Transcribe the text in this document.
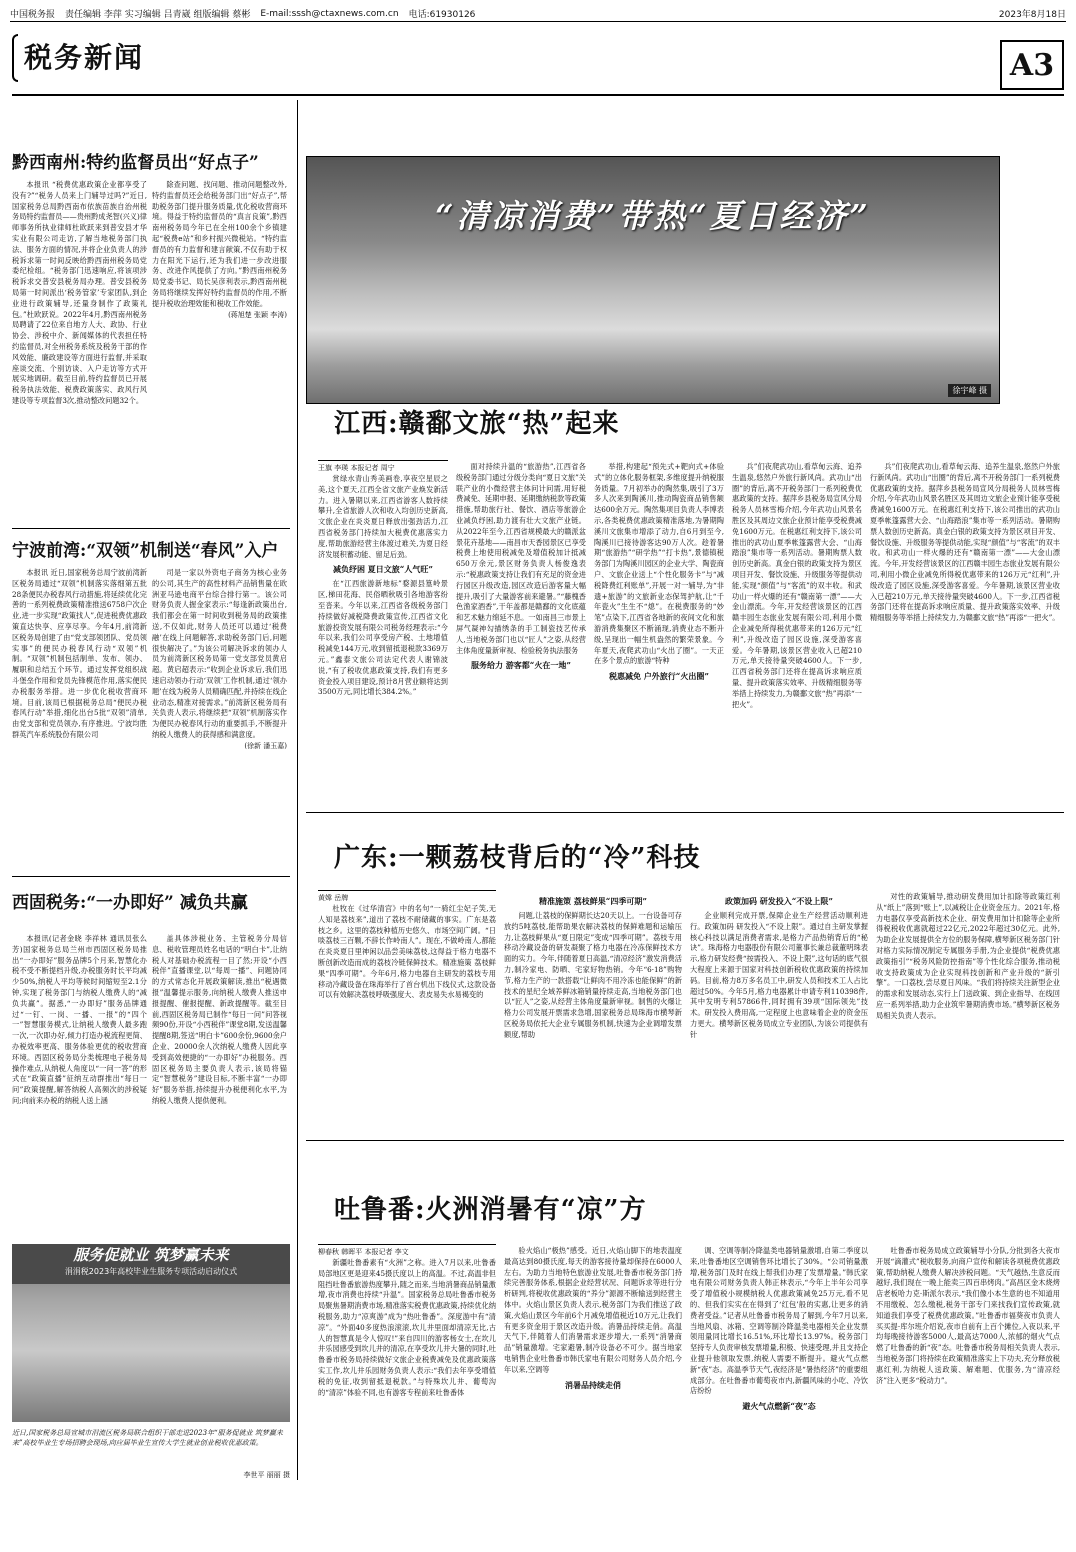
中国税务报 责任编辑 李萍 实习编辑 吕青崴 组版编辑 蔡彬 E-mail:sssh@ctaxnews.com.cn 电话:61930126	2023年8月18日
税务新闻	A3
黔西南州:特约监督员出“好点子”

本报讯 “税费优惠政策企业都享受了没有?”“税务人员来上门辅导过吗?”近日,国家税务总局黔西南布依族苗族自治州税务局特约监督员——贵州黔成尧智(兴义)律师事务所执业律师杜欧跃来到普安县才华实业有限公司走访,了解当地税务部门执法、服务方面的情况,并将企业负责人的涉税诉求第一时间反映给黔西南州税务局党委纪检组。“税务部门迅速响应,将该项涉税诉求交普安县税务局办理。普安县税务局第一时间派出‘税务管家’专家团队,到企业进行政策辅导,还量身制作了政策礼包。”杜欧跃说。2022年4月,黔西南州税务局聘请了22位来自地方人大、政协、行业协会、涉税中介、新闻媒体的代表担任特约监督员,对全州税务系统及税务干部的作风效能、廉政建设等方面进行监督,并采取座谈交流、个别访谈、入户走访等方式开展实地调研。截至目前,特约监督员已开展税务执法效能、税费政策落实、政风行风建设等专项监督3次,推动整改问题32个。

除查问题、找问题、推动问题整改外,特约监督员还会给税务部门出“好点子”,帮助税务部门提升服务质量,优化税收营商环境。得益于特约监督员的“真言良策”,黔西南州税务局今年已在全州100余个乡镇建起“税费e站”和乡村振兴微税站。“特约监督员的有力监督和建言献策,不仅有助于权力在阳光下运行,还为我们进一步改进服务、改进作风提供了方向。”黔西南州税务局党委书记、局长吴彦利表示,黔西南州税务局将继续发挥好特约监督员的作用,不断提升税收治理效能和税收工作效能。

(蒋旭楚 张颖 李涛)
宁波前湾:“双领”机制送“春风”入户

本报讯 近日,国家税务总局宁波前湾新区税务局通过“双领”机制落实落细第五批28条便民办税春风行动措施,将延续优化完善的一系列税费政策精准推送6758户次企业,进一步实现“政策找人”,促进税费优惠政策直达快享、应享尽享。今年4月,前湾新区税务局创建了由“党支部领团队、党员领实事”的便民办税春风行动“双领”机制。“双领”机制包括制单、发布、领办、履职和总结五个环节。通过发挥党组织战斗堡垒作用和党员先锋模范作用,落实便民办税服务举措。进一步优化税收营商环境。目前,该局已根据税务总局“便民办税春风行动”举措,细化出台5批“双领”清单,由党支部和党员领办,有序推进。宁波均胜群英汽车系统股份有限公司

司是一家以外资电子商务为核心业务的公司,其生产的高性材料产品销售量在欧洲亚马逊电商平台综合排行第一。该公司财务负责人握金家表示:“每逢新政策出台,我们都会在第一时间收到税务局的政策推送,不仅如此,财务人员还可以通过‘税费融’在线上问题解答,求助税务部门后,问题很快解决了。”为该公司解决诉求的领办人员为前湾新区税务局第一党支部党员黄启超。黄启超表示:“收到企业诉求后,我们迅速启动领办行动‘双领’工作机制,通过‘领办题’在线为税务人员精确匹配,并持续在线企业动态,精准对接需求。”前湾新区税务局有关负责人表示,将继续把“双领”机制落实作为便民办税春风行动的重要抓手,不断提升纳税人缴费人的获得感和满意度。

(徐新 潘玉嘉)
西固税务:“一办即好” 减负共赢

本报讯(记者金晓 李祥林 通讯员张么芳)国家税务总局兰州市西固区税务局推出“一办即好”服务品牌5个月来,智慧化办税不受不断提档升级,办税服务时长平均减少50%,纳税人平均等候时间缩短至2.1分钟,实现了税务部门与纳税人缴费人的“减负共赢”。据悉,“一办即好”服务品牌通过“一钉、一岗、一播、一报”的“四个一”智慧服务模式,让纳税人缴费人最多跑一次,一次即办好,倾力打造办税流程更简、办税效率更高、服务体验更优的税收营商环境。西固区税务局分类梳理电子税务局操作难点,从纳税人角度以“一问一答”的形式在“政策直播”征纳互动群推出“每日一问”政策提醒,解答纳税人高频次的涉税疑问;向前来办税的纳税人送上涵

盖具体涉税业务、主管税务分局信息、税收管理员姓名电话的“明白卡”,让纳税人对基础办税流程一目了然;开设“小西税伴”直播课堂,以“每周一播”、问题协同的方式常态化开展政策解读,推出“税遇微报”温馨提示服务,向纳税人缴费人推送申报提醒、催报提醒、新政提醒等。截至目前,西固区税务局已制作“每日一问”问答视频90份,开设“小西税伴”课堂8期,发送温馨提醒8期,签送“明白卡”600余份,9600余户企业、20000余人次纳税人缴费人因此享受到高效便捷的“一办即好”办税服务。西固区税务局主要负责人表示,该局将锚定“智慧税务”建设目标,不断丰富“一办即好”服务举措,持续提升办税便利化水平,为纳税人缴费人提供便利。

服务促就业 筑梦赢未来
涓涓税2023年高校毕业生服务专项活动启动仪式
近日,国家税务总局宣城市涓流区税务局联合组织干部走进2023年“服务促就业 筑梦赢未来”高校毕业生专场招聘会现场,向应届毕业生宣传大学生就业创业税收优惠政策。
李世平 丽丽 摄
“清凉消费”带热“夏日经济”
徐宇峰 摄
江西:赣鄱文旅“热”起来
王旗 李瑛 本报记者 周宁

赏绿水青山秀美画卷,享夜空星辰之美,这个夏天,江西全省文旅产业焕发新活力。进入暑期以来,江西省游客人数持续攀升,全省旅游人次和收入均创历史新高,文旅企业在炎炎夏日释放出强劲活力,江西省税务部门持续加大税费优惠落实力度,帮助旅游经营主体渡过难关,为夏日经济发展积蓄动能、留足后劲。

减负纾困 夏日文旅“人气旺”

在“江西旅游新地标”婺源县篁岭景区,梯田花海、民俗晒秋吸引各地游客纷至沓来。今年以来,江西省各级税务部门持续做好减税降费政策宣传,江西省文化旅游投资发展有限公司税务经理表示:“今年以来,我们公司享受房产税、土地增值税减免144万元,收到留抵退税款3369万元。”鑫泰文旅公司法定代表人谢锦波说,“有了税收优惠政策支持,我们有更多资金投入项目建设,预计8月营业额将达到3500万元,同比增长384.2%。”

面对持续升温的“旅游热”,江西省各级税务部门通过分级分类向“夏日文旅”关联产业的小微经营主体问计问需,用好税费减免、延期申报、延期缴纳税款等政策措施,帮助旅行社、餐饮、酒店等旅游企业减负纾困,助力渡有壮大文旅产业链。从2022年至今,江西省规模最大的赣派盆景花卉基地——南昌市天香园景区已享受税费上地使用税减免及增值税加计抵减650万余元,景区财务负责人杨俊逸表示:“税惠政策支持让我们有充足的资金进行园区升级改造,园区改造后游客量大幅提升,吸引了大量游客前来避暑。”“藤槐香色渔家酒香”,干年盖都是赣鄱的文化底蕴和艺术魅力绵延不息。一如南昌三市景上屏气凝神勾描绣条的手工制瓷技艺传承人,当地税务部门也以“匠人”之姿,从经营主体角度量新审视、检验税务执法服务

服务给力 游客都“火在一地”

举措,构建起“预先式+靶向式+体验式”的立体化服务框架,多维度提升纳税服务质量。7月初举办的陶然集,吸引了3万多人次来到陶溪川,推动陶瓷商品销售额达600余万元。陶然集项目负责人李博表示,各类税费优惠政策精准落地,为暑期陶溪川文旅集市增添了动力,自6月到至今,陶溪川已接待游客达90万人次。趁着暑期“旅游热”“研学热”“打卡热”,景德镇税务部门为陶溪川园区的企业大学、陶瓷商户、文旅企业送上“个性化服务卡”与“减税降费红利账单”,开展一对一辅导,为“非遗+旅游”的文旅新业态保驾护航,让“千年瓷火”生生不“熄”。在税费服务的“妙笔”点染下,江西省各地新的夜间文化和旅游消费集聚区不断涌现,消费业态不断升级,呈现出一幅生机盎然的繁荣景象。今年夏天,夜爬武功山“火出了圈”。一天正在多个景点的旅游“特种

税惠减免 户外旅行“火出圈”

兵”们夜爬武功山,看草甸云海、追养生温泉,悠然户外旅行新风尚。武功山“出圈”的背后,离不开税务部门一系列税费优惠政策的支持。据萍乡县税务局宣风分局税务人员林雪梅介绍,今年武功山风景名胜区及其周边文旅企业预计能享受税费减免1600万元。在税惠红利支持下,该公司推出的武功山夏季帐篷露营大会、“山海踏浪”集市等一系列活动。暑期购票人数创历史新高。真金白银的政策支持为景区项目开发、餐饮设施、升级服务等提供动能,实现“颜值”与“客流”的双丰收。和武功山一样火爆的还有“赣南第一漂”——大金山漂流。今年,开发经营该景区的江西赣丰园生态旅业发展有限公司,利用小微企业减免所得税优惠带来的126万元“红利”,升级改造了园区设施,深受游客喜爱。今年暑期,该景区营业收入已超210万元,单天接待量突破4600人。下一步,江西省税务部门还将在提高诉求响应质量、提升政策落实效率、升级精细服务等举措上持续发力,为赣鄱文旅“热”再添“一把火”。

兵”们夜爬武功山,看草甸云海、追养生温泉,悠然户外旅行新风尚。武功山“出圈”的背后,离不开税务部门一系列税费优惠政策的支持。据萍乡县税务局宣风分局税务人员林雪梅介绍,今年武功山风景名胜区及其周边文旅企业预计能享受税费减免1600万元。在税惠红利支持下,该公司推出的武功山夏季帐篷露营大会、“山海踏浪”集市等一系列活动。暑期购票人数创历史新高。真金白银的政策支持为景区项目开发、餐饮设施、升级服务等提供动能,实现“颜值”与“客流”的双丰收。和武功山一样火爆的还有“赣南第一漂”——大金山漂流。今年,开发经营该景区的江西赣丰园生态旅业发展有限公司,利用小微企业减免所得税优惠带来的126万元“红利”,升级改造了园区设施,深受游客喜爱。今年暑期,该景区营业收入已超210万元,单天接待量突破4600人。下一步,江西省税务部门还将在提高诉求响应质量、提升政策落实效率、升级精细服务等举措上持续发力,为赣鄱文旅“热”再添“一把火”。

广东:一颗荔枝背后的“冷”科技
黄嫦 岳牌

杜牧在《过华清宫》中的名句“一骑红尘妃子笑,无人知是荔枝来”,道出了荔枝不耐储藏的事实。广东是荔枝之乡。这里的荔枝种植历史悠久、市场空间广阔。“日啖荔枝三百颗,不辞长作岭南人”。现在,不做岭南人,都能在炎炎夏日里神闲以品尝美味荔枝,这得益于格力电器不断创新改造而成的荔枝冷链保鲜技术。精准施策 荔枝鲜果“四季可期”。今年6月,格力电器自主研发的荔枝专用移动冷藏设备在珠海举行了首台机出下线仪式,这款设备可以有效解决荔枝呼吸强度大、表皮易失水易褐变的

精准施策 荔枝鲜果“四季可期”

问题,让荔枝的保鲜期长达20天以上。一台设备可存放约5吨荔枝,能帮助果农解决荔枝的保鲜难题和运输压力,让荔枝鲜果从“夏日限定”变成“四季可期”。荔枝专用移动冷藏设备的研发凝聚了格力电器在冷冻保鲜技术方面的实力。今年,伴随着夏日高温,“清凉经济”激发消费活力,制冷家电、防晒、宅家好物热销。今年“6·18”购物节,格力生产的一款搭载“让鲜肉不用冷冻也能保鲜”的新技术的星纪全域养鲜冰箱销量持续走高,当地税务部门也以“匠人”之姿,从经营主体角度量新审视。制售的火爆让格力公司发展开票需求急增,国家税务总局珠海市横琴新区税务局依托大企业专属服务机制,快速为企业调增发票额度,帮助

政策加码 研发投入“不设上限”

企业顺利完成开票,保障企业生产经营活动顺利进行。政策加码 研发投入“不设上限”。通过自主研发掌握核心科技以满足消费者需求,是格力产品热销背后的“秘诀”。珠海格力电器股份有限公司董事长兼总裁董明珠表示,格力研发经费“按需投入、不设上限”,这句话的底气很大程度上来源于国家对科技创新税收优惠政策的持续加码。目前,格力8万多名员工中,研发人员和技术工人占比超过50%。今年5月,格力电器累计申请专利110398件,其中发明专利57866件,同时拥有39项“国际领先”技术。研发投入费用高,一定程度上也意味着企业的资金压力更大。横琴新区税务局成立专业团队,为该公司提供有针

对性的政策辅导,推动研发费用加计扣除等政策红利从“纸上”落到“账上”,以减税让企业资金压力。2021年,格力电器仅享受高新技术企业、研发费用加计扣除等企业所得税税收优惠就超过22亿元,2022年超过30亿元。此外,为助企业发展提供全方位的服务保障,横琴新区税务部门针对格力实际情况制定专属服务手册,为企业提供“税费优惠政策指引”“税务风险防控指南”等个性化综合服务,推动税收支持政策成为企业实现科技创新和产业升级的“新引擎”。一口荔枝,尝尽夏日风味。“我们将持续关注新型企业的需求和发展动态,实行上门送政策、到企业指导、在线回应一系列举措,助力企业筑牢暑期消费市场。”横琴新区税务局相关负责人表示。

吐鲁番:火洲消暑有“凉”方
柳春秋 韩晖平 本报记者 李文

新疆吐鲁番素有“火洲”之称。进入7月以来,吐鲁番局部地区更是迎来45摄氏度以上的高温。不过,高温非但阻挡吐鲁番旅游热度攀升,随之而来,当地消暑商品销量激增,夜市消费也持续“升温”。国家税务总局吐鲁番市税务局聚焦暑期消费市场,精准落实税费优惠政策,持续优化纳税服务,助力“凉爽游”成为“热吐鲁番”。深度游中有“清凉”。“外面40多度热浪滚滚,坎儿井里面却清凉无比,古人的智慧真是令人惊叹!”来自四川的游客杨女士,在坎儿井乐园感受到坎儿井的清凉,在享受坎儿井大暑的同时,吐鲁番市税务局持续做好文旅企业税费减免及优惠政策落实工作,坎儿井乐园财务负责人表示:“我们去年享受增值税的免征,收到留抵退税款。”与特殊坎儿井、葡萄沟的“清凉”体验不同,也有游客专程前来吐鲁番体

验火焰山“极热”感受。近日,火焰山脚下的地表温度最高达到80摄氏度,每天的游客接待量却保持在6000人左右。为助力当地特色旅游业发展,吐鲁番市税务部门持续完善服务体系,根据企业经营状况、问题诉求等进行分析研判,将税收优惠政策的“养分”源源不断输送到经营主体中。火焰山景区负责人表示,税务部门为我们推送了政策,火焰山景区今年前6个月减免增值税近10万元,让我们有更多资金用于景区改造升级。消暑品持续走俏。高温天气下,伴随着人们消暑需求逐步增大,一系列“消暑商品”销量激增。宅家避暑,制冷设备必不可少。据当地家电销售企业吐鲁番市韩氏家电有限公司财务人员介绍,今年以来,空调等

消暑品持续走俏

调、空调等制冷降温类电器销量激增,自第二季度以来,吐鲁番地区空调销售环比增长了30%。“公司销量激增,税务部门及时在线上帮我们办理了发票增量。”韩氏家电有限公司财务负责人韩正林表示,“今年上半年公司享受了增值税小规模纳税人优惠政策减免25万元,看不见的、但我们实实在在得到了‘红包’般的实惠,让更多的消费者受益。”记者从吐鲁番市税务局了解到,今年7月以来,当地风扇、冰箱、空调等制冷降温类电器相关企业发票领用量同比增长16.51%,环比增长13.97%。税务部门坚持专人负责审核发票增量,积极、快速受理,并且支持企业提升他领取发票,纳税人需要不断提升。避火气点燃新“夜”态。高温季节天气,夜经济是“暑热经济”的重要组成部分。在吐鲁番市葡萄夜市内,新疆风味的小吃、冷饮店纷纷

避火气点燃新“夜”态

吐鲁番市税务局成立政策辅导小分队,分批到各大夜市开展“滴灌式”税收服务,向商户宣传和解读各项税费优惠政策,帮助纳税人缴费人解决涉税问题。“天气越热,生意反而越好,我们现在一晚上能卖三四百串烤肉。”高昌区金木烧烤店老板哈力克·斯派尔表示,“我们像小本生意的也不知道用不用缴税、怎么缴税,税务干部专门来找我们宣传政策,就知道我们享受了税费优惠政策。”吐鲁番市福葵夜市负责人买买提·库尔班介绍说,夜市自前有上百个摊位,入夜以来,平均每晚接待游客5000人,最高达7000人,浓郁的烟火气点燃了吐鲁番的新“夜”态。吐鲁番市税务局相关负责人表示,当地税务部门将持续在政策精准落实上下功夫,充分释放税惠红利,为纳税人送政策、解难题、优服务,为“清凉经济”注入更多“税动力”。
